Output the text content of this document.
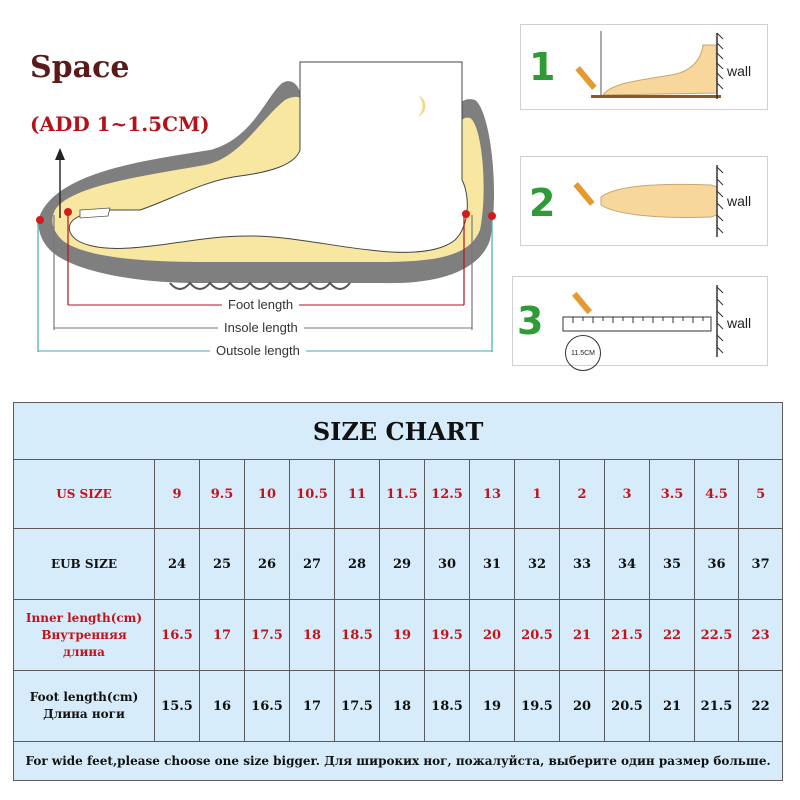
Space
(ADD 1~1.5CM)
Foot length
Insole length
Outsole length
1	wall
2	wall
3
11.5CM
wall
SIZE CHART														
US SIZE	9	9.5	10	10.5	11	11.5	12.5	13	1	2	3	3.5	4.5	5
EUB SIZE	24	25	26	27	28	29	30	31	32	33	34	35	36	37

Inner length(cm)
Внутренняя
длина	16.5	17	17.5	18	18.5	19	19.5	20	20.5	21	21.5	22	22.5	23

Foot length(cm)
Длина ноги	15.5	16	16.5	17	17.5	18	18.5	19	19.5	20	20.5	21	21.5	22
For wide feet,please choose one size bigger. Для широких ног, пожалуйста, выберите один размер больше.														
